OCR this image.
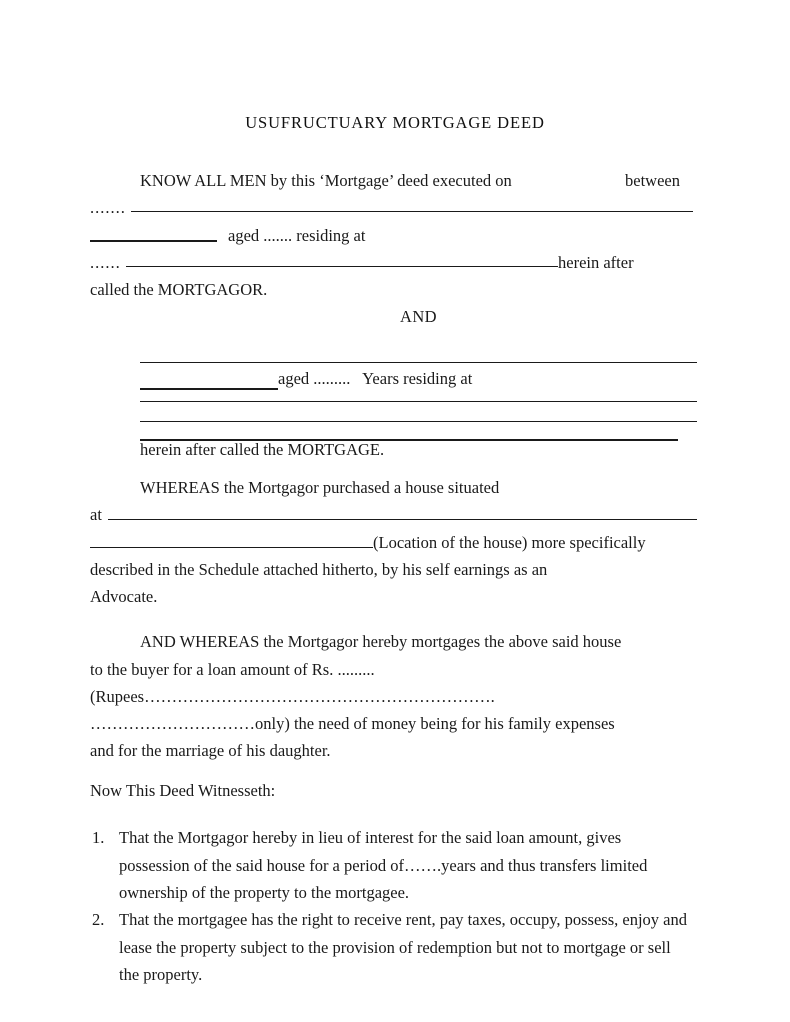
USUFRUCTUARY MORTGAGE DEED
KNOW ALL MEN by this ‘Mortgage’ deed executed on	between
.......
aged ....... residing at
......	herein after
called the MORTGAGOR.
AND
aged .........   Years residing at
herein after called the MORTGAGE.
WHEREAS the Mortgagor purchased a house situated
at
(Location of the house) more specifically
described in the Schedule attached hitherto, by his self earnings as an
Advocate.
AND WHEREAS the Mortgagor hereby mortgages the above said house
to the buyer for a loan amount of Rs. .........
(Rupees……………………………………………………….
…………………………only) the need of money being for his family expenses
and for the marriage of his daughter.
Now This Deed Witnesseth:
1. That the Mortgagor hereby in lieu of interest for the said loan amount, gives possession of the said house for a period of…….years and thus transfers limited ownership of the property to the mortgagee.
2. That the mortgagee has the right to receive rent, pay taxes, occupy, possess, enjoy and lease the property subject to the provision of redemption but not to mortgage or sell the property.
